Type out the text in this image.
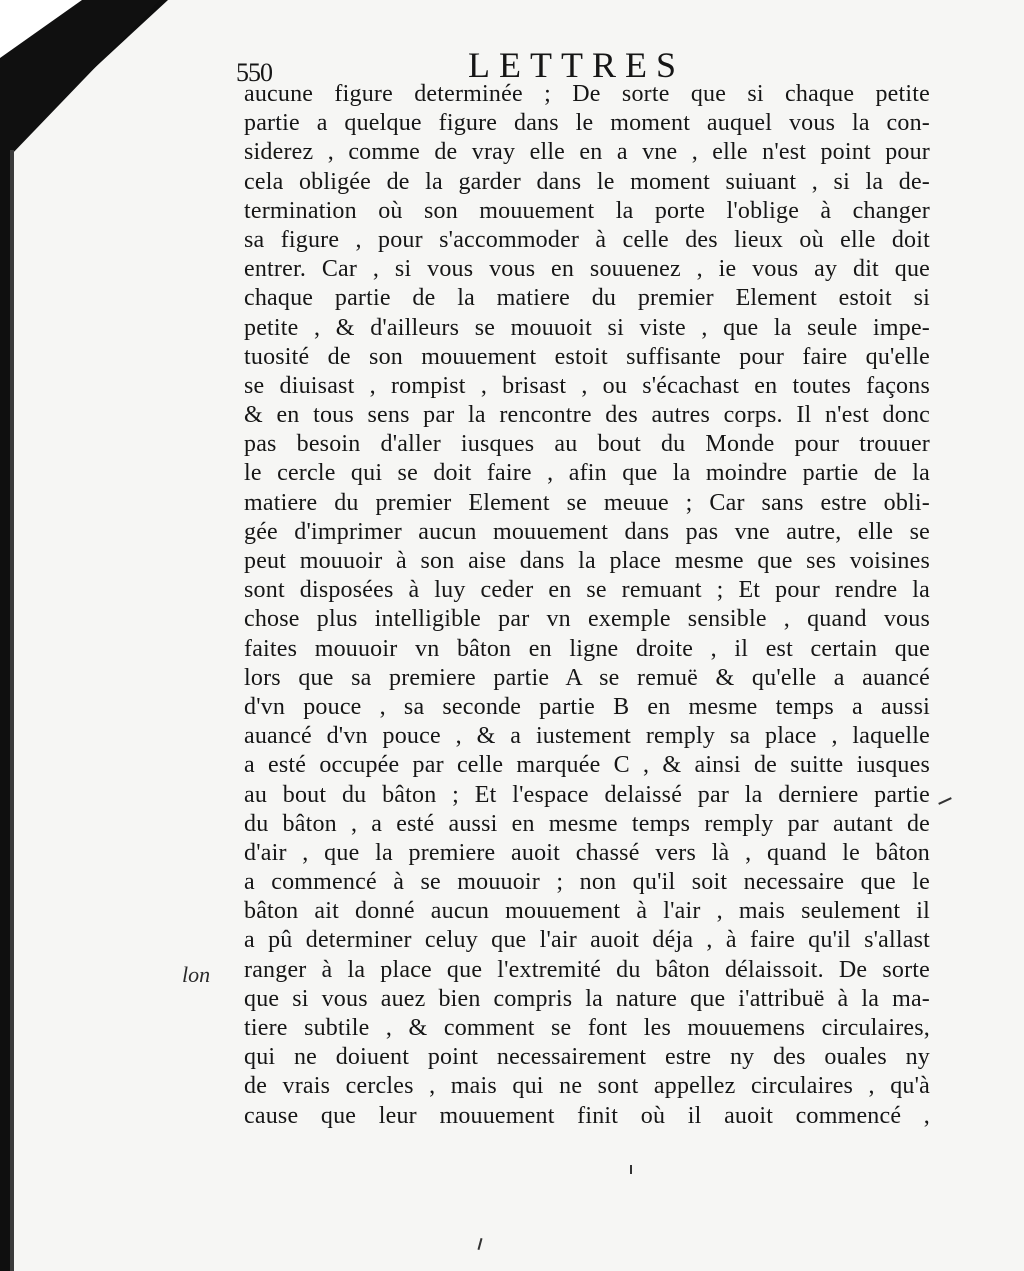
550	LETTRES
aucune figure determinée ; De sorte que si chaque petite
partie a quelque figure dans le moment auquel vous la con-
siderez , comme de vray elle en a vne , elle n'est point pour
cela obligée de la garder dans le moment suiuant , si la de-
termination où son mouuement la porte l'oblige à changer
sa figure , pour s'accommoder à celle des lieux où elle doit
entrer. Car , si vous vous en souuenez , ie vous ay dit que
chaque partie de la matiere du premier Element estoit si
petite , & d'ailleurs se mouuoit si viste , que la seule impe-
tuosité de son mouuement estoit suffisante pour faire qu'elle
se diuisast , rompist , brisast , ou s'écachast en toutes façons
& en tous sens par la rencontre des autres corps. Il n'est donc
pas besoin d'aller iusques au bout du Monde pour trouuer
le cercle qui se doit faire , afin que la moindre partie de la
matiere du premier Element se meuue ; Car sans estre obli-
gée d'imprimer aucun mouuement dans pas vne autre, elle se
peut mouuoir à son aise dans la place mesme que ses voisines
sont disposées à luy ceder en se remuant ; Et pour rendre la
chose plus intelligible par vn exemple sensible , quand vous
faites mouuoir vn bâton en ligne droite , il est certain que
lors que sa premiere partie A se remuë & qu'elle a auancé
d'vn pouce , sa seconde partie B en mesme temps a aussi
auancé d'vn pouce , & a iustement remply sa place , laquelle
a esté occupée par celle marquée C , & ainsi de suitte iusques
au bout du bâton ; Et l'espace delaissé par la derniere partie
du bâton , a esté aussi en mesme temps remply par autant de
d'air , que la premiere auoit chassé vers là , quand le bâton
a commencé à se mouuoir ; non qu'il soit necessaire que le
bâton ait donné aucun mouuement à l'air , mais seulement il
a pû determiner celuy que l'air auoit déja , à faire qu'il s'allast
ranger à la place que l'extremité du bâton délaissoit. De sorte
que si vous auez bien compris la nature que i'attribuë à la ma-
tiere subtile , & comment se font les mouuemens circulaires,
qui ne doiuent point necessairement estre ny des ouales ny
de vrais cercles , mais qui ne sont appellez circulaires , qu'à
cause que leur mouuement finit où il auoit commencé ,
lon
